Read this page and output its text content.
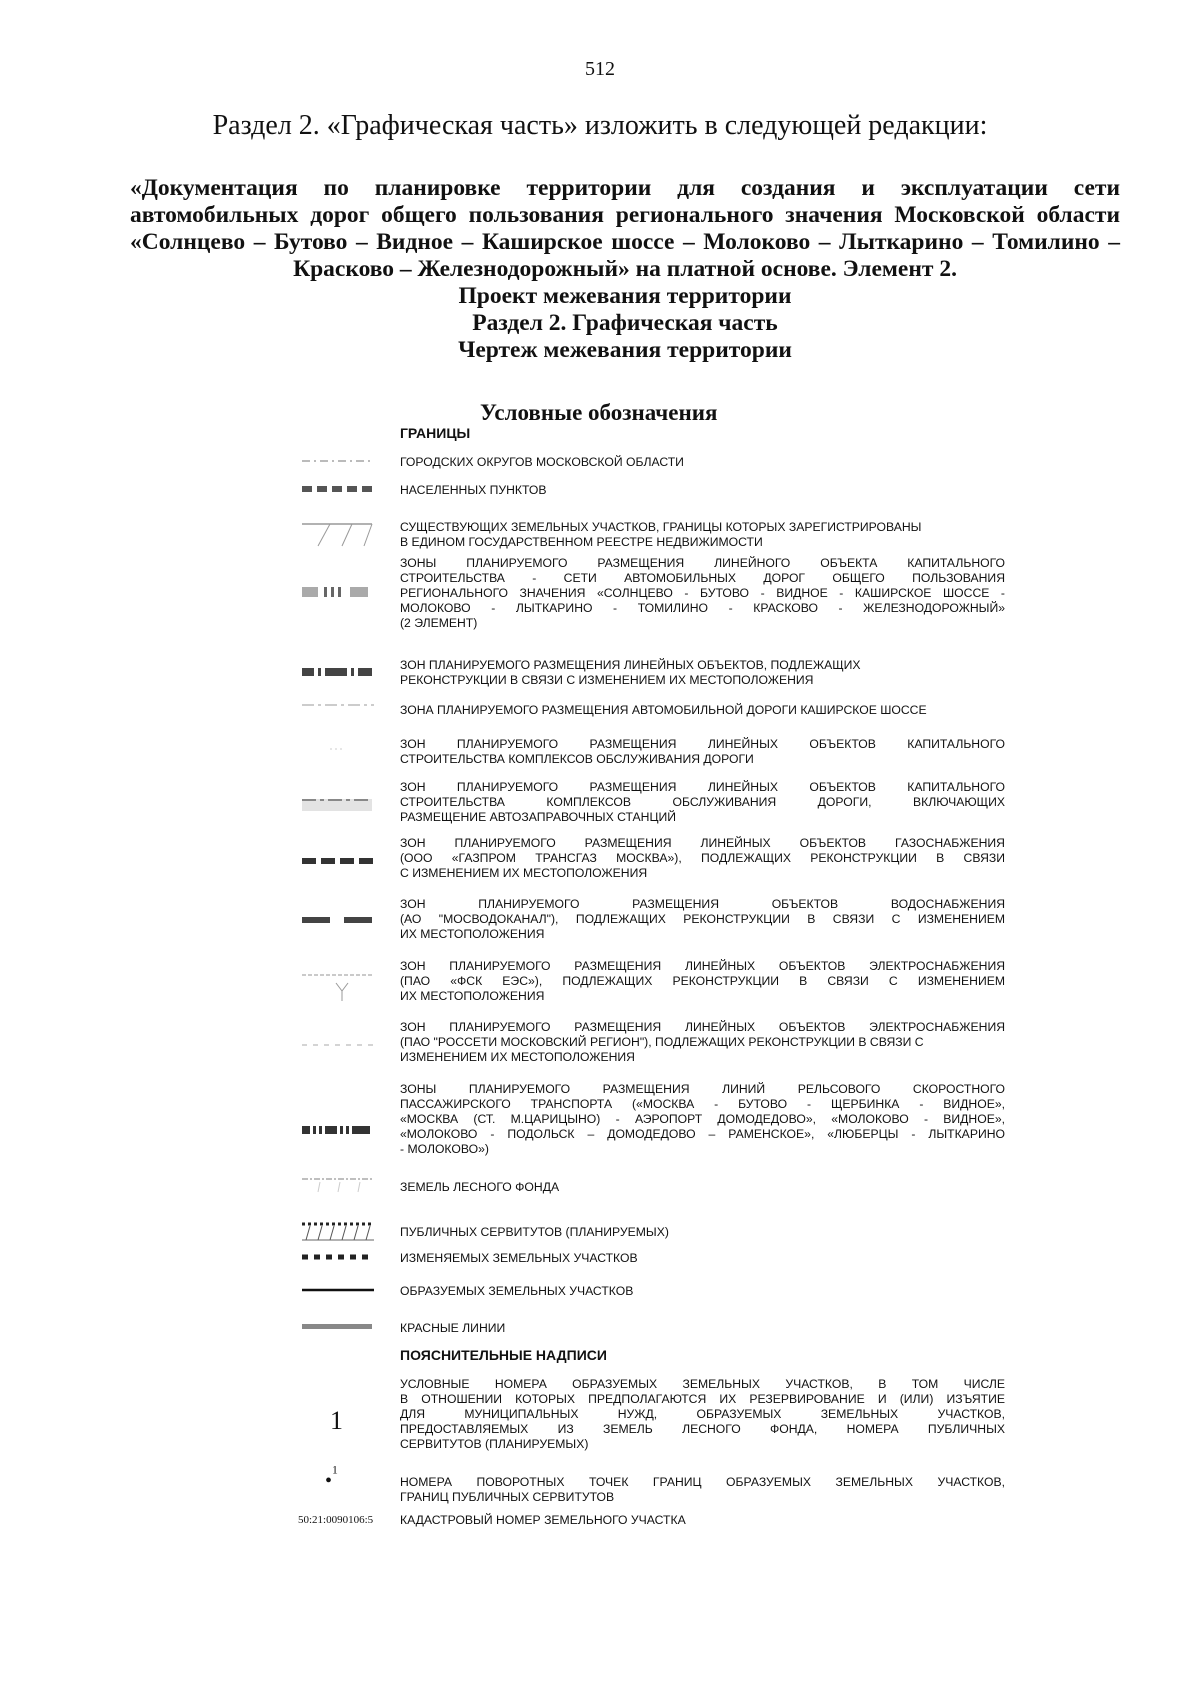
512
Раздел 2. «Графическая часть» изложить в следующей редакции:
«Документация по планировке территории для создания и эксплуатации сети
автомобильных дорог общего пользования регионального значения Московской области
«Солнцево – Бутово – Видное – Каширское шоссе – Молоково – Лыткарино – Томилино –
Красково – Железнодорожный» на платной основе. Элемент 2.
Проект межевания территории
Раздел 2. Графическая часть
Чертеж межевания территории
Условные обозначения
ГРАНИЦЫ
ГОРОДСКИХ ОКРУГОВ МОСКОВСКОЙ ОБЛАСТИ
НАСЕЛЕННЫХ ПУНКТОВ
СУЩЕСТВУЮЩИХ ЗЕМЕЛЬНЫХ УЧАСТКОВ, ГРАНИЦЫ КОТОРЫХ ЗАРЕГИСТРИРОВАНЫ
В ЕДИНОМ ГОСУДАРСТВЕННОМ РЕЕСТРЕ НЕДВИЖИМОСТИ
ЗОНЫ ПЛАНИРУЕМОГО РАЗМЕЩЕНИЯ ЛИНЕЙНОГО ОБЪЕКТА КАПИТАЛЬНОГО
СТРОИТЕЛЬСТВА - СЕТИ АВТОМОБИЛЬНЫХ ДОРОГ ОБЩЕГО ПОЛЬЗОВАНИЯ
РЕГИОНАЛЬНОГО ЗНАЧЕНИЯ «СОЛНЦЕВО - БУТОВО - ВИДНОЕ - КАШИРСКОЕ ШОССЕ -
МОЛОКОВО - ЛЫТКАРИНО - ТОМИЛИНО - КРАСКОВО - ЖЕЛЕЗНОДОРОЖНЫЙ»
(2 ЭЛЕМЕНТ)
ЗОН ПЛАНИРУЕМОГО РАЗМЕЩЕНИЯ ЛИНЕЙНЫХ ОБЪЕКТОВ, ПОДЛЕЖАЩИХ
РЕКОНСТРУКЦИИ В СВЯЗИ С ИЗМЕНЕНИЕМ ИХ МЕСТОПОЛОЖЕНИЯ
ЗОНА ПЛАНИРУЕМОГО РАЗМЕЩЕНИЯ АВТОМОБИЛЬНОЙ ДОРОГИ КАШИРСКОЕ ШОССЕ
ЗОН ПЛАНИРУЕМОГО РАЗМЕЩЕНИЯ ЛИНЕЙНЫХ ОБЪЕКТОВ КАПИТАЛЬНОГО
СТРОИТЕЛЬСТВА КОМПЛЕКСОВ ОБСЛУЖИВАНИЯ ДОРОГИ
ЗОН ПЛАНИРУЕМОГО РАЗМЕЩЕНИЯ ЛИНЕЙНЫХ ОБЪЕКТОВ КАПИТАЛЬНОГО
СТРОИТЕЛЬСТВА КОМПЛЕКСОВ ОБСЛУЖИВАНИЯ ДОРОГИ, ВКЛЮЧАЮЩИХ
РАЗМЕЩЕНИЕ АВТОЗАПРАВОЧНЫХ СТАНЦИЙ
ЗОН ПЛАНИРУЕМОГО РАЗМЕЩЕНИЯ ЛИНЕЙНЫХ ОБЪЕКТОВ ГАЗОСНАБЖЕНИЯ
(ООО «ГАЗПРОМ ТРАНСГАЗ МОСКВА»), ПОДЛЕЖАЩИХ РЕКОНСТРУКЦИИ В СВЯЗИ
С ИЗМЕНЕНИЕМ ИХ МЕСТОПОЛОЖЕНИЯ
ЗОН ПЛАНИРУЕМОГО РАЗМЕЩЕНИЯ ОБЪЕКТОВ ВОДОСНАБЖЕНИЯ
(АО "МОСВОДОКАНАЛ"), ПОДЛЕЖАЩИХ РЕКОНСТРУКЦИИ В СВЯЗИ С ИЗМЕНЕНИЕМ
ИХ МЕСТОПОЛОЖЕНИЯ
ЗОН ПЛАНИРУЕМОГО РАЗМЕЩЕНИЯ ЛИНЕЙНЫХ ОБЪЕКТОВ ЭЛЕКТРОСНАБЖЕНИЯ
(ПАО «ФСК ЕЭС»), ПОДЛЕЖАЩИХ РЕКОНСТРУКЦИИ В СВЯЗИ С ИЗМЕНЕНИЕМ
ИХ МЕСТОПОЛОЖЕНИЯ
ЗОН ПЛАНИРУЕМОГО РАЗМЕЩЕНИЯ ЛИНЕЙНЫХ ОБЪЕКТОВ ЭЛЕКТРОСНАБЖЕНИЯ
(ПАО "РОССЕТИ МОСКОВСКИЙ РЕГИОН"), ПОДЛЕЖАЩИХ РЕКОНСТРУКЦИИ В СВЯЗИ С
ИЗМЕНЕНИЕМ ИХ МЕСТОПОЛОЖЕНИЯ
ЗОНЫ ПЛАНИРУЕМОГО РАЗМЕЩЕНИЯ ЛИНИЙ РЕЛЬСОВОГО СКОРОСТНОГО
ПАССАЖИРСКОГО ТРАНСПОРТА («МОСКВА - БУТОВО - ЩЕРБИНКА - ВИДНОЕ»,
«МОСКВА (СТ. М.ЦАРИЦЫНО) - АЭРОПОРТ ДОМОДЕДОВО», «МОЛОКОВО - ВИДНОЕ»,
«МОЛОКОВО - ПОДОЛЬСК – ДОМОДЕДОВО – РАМЕНСКОЕ», «ЛЮБЕРЦЫ - ЛЫТКАРИНО
- МОЛОКОВО»)
ЗЕМЕЛЬ ЛЕСНОГО ФОНДА
ПУБЛИЧНЫХ СЕРВИТУТОВ (ПЛАНИРУЕМЫХ)
ИЗМЕНЯЕМЫХ ЗЕМЕЛЬНЫХ УЧАСТКОВ
ОБРАЗУЕМЫХ ЗЕМЕЛЬНЫХ УЧАСТКОВ
КРАСНЫЕ ЛИНИИ
ПОЯСНИТЕЛЬНЫЕ НАДПИСИ
1
УСЛОВНЫЕ НОМЕРА ОБРАЗУЕМЫХ ЗЕМЕЛЬНЫХ УЧАСТКОВ, В ТОМ ЧИСЛЕ
В ОТНОШЕНИИ КОТОРЫХ ПРЕДПОЛАГАЮТСЯ ИХ РЕЗЕРВИРОВАНИЕ И (ИЛИ) ИЗЪЯТИЕ
ДЛЯ МУНИЦИПАЛЬНЫХ НУЖД, ОБРАЗУЕМЫХ ЗЕМЕЛЬНЫХ УЧАСТКОВ,
ПРЕДОСТАВЛЯЕМЫХ ИЗ ЗЕМЕЛЬ ЛЕСНОГО ФОНДА, НОМЕРА ПУБЛИЧНЫХ
СЕРВИТУТОВ (ПЛАНИРУЕМЫХ)
•$^1$
НОМЕРА ПОВОРОТНЫХ ТОЧЕК ГРАНИЦ ОБРАЗУЕМЫХ ЗЕМЕЛЬНЫХ УЧАСТКОВ,
ГРАНИЦ ПУБЛИЧНЫХ СЕРВИТУТОВ
50:21:0090106:5 КАДАСТРОВЫЙ НОМЕР ЗЕМЕЛЬНОГО УЧАСТКА
